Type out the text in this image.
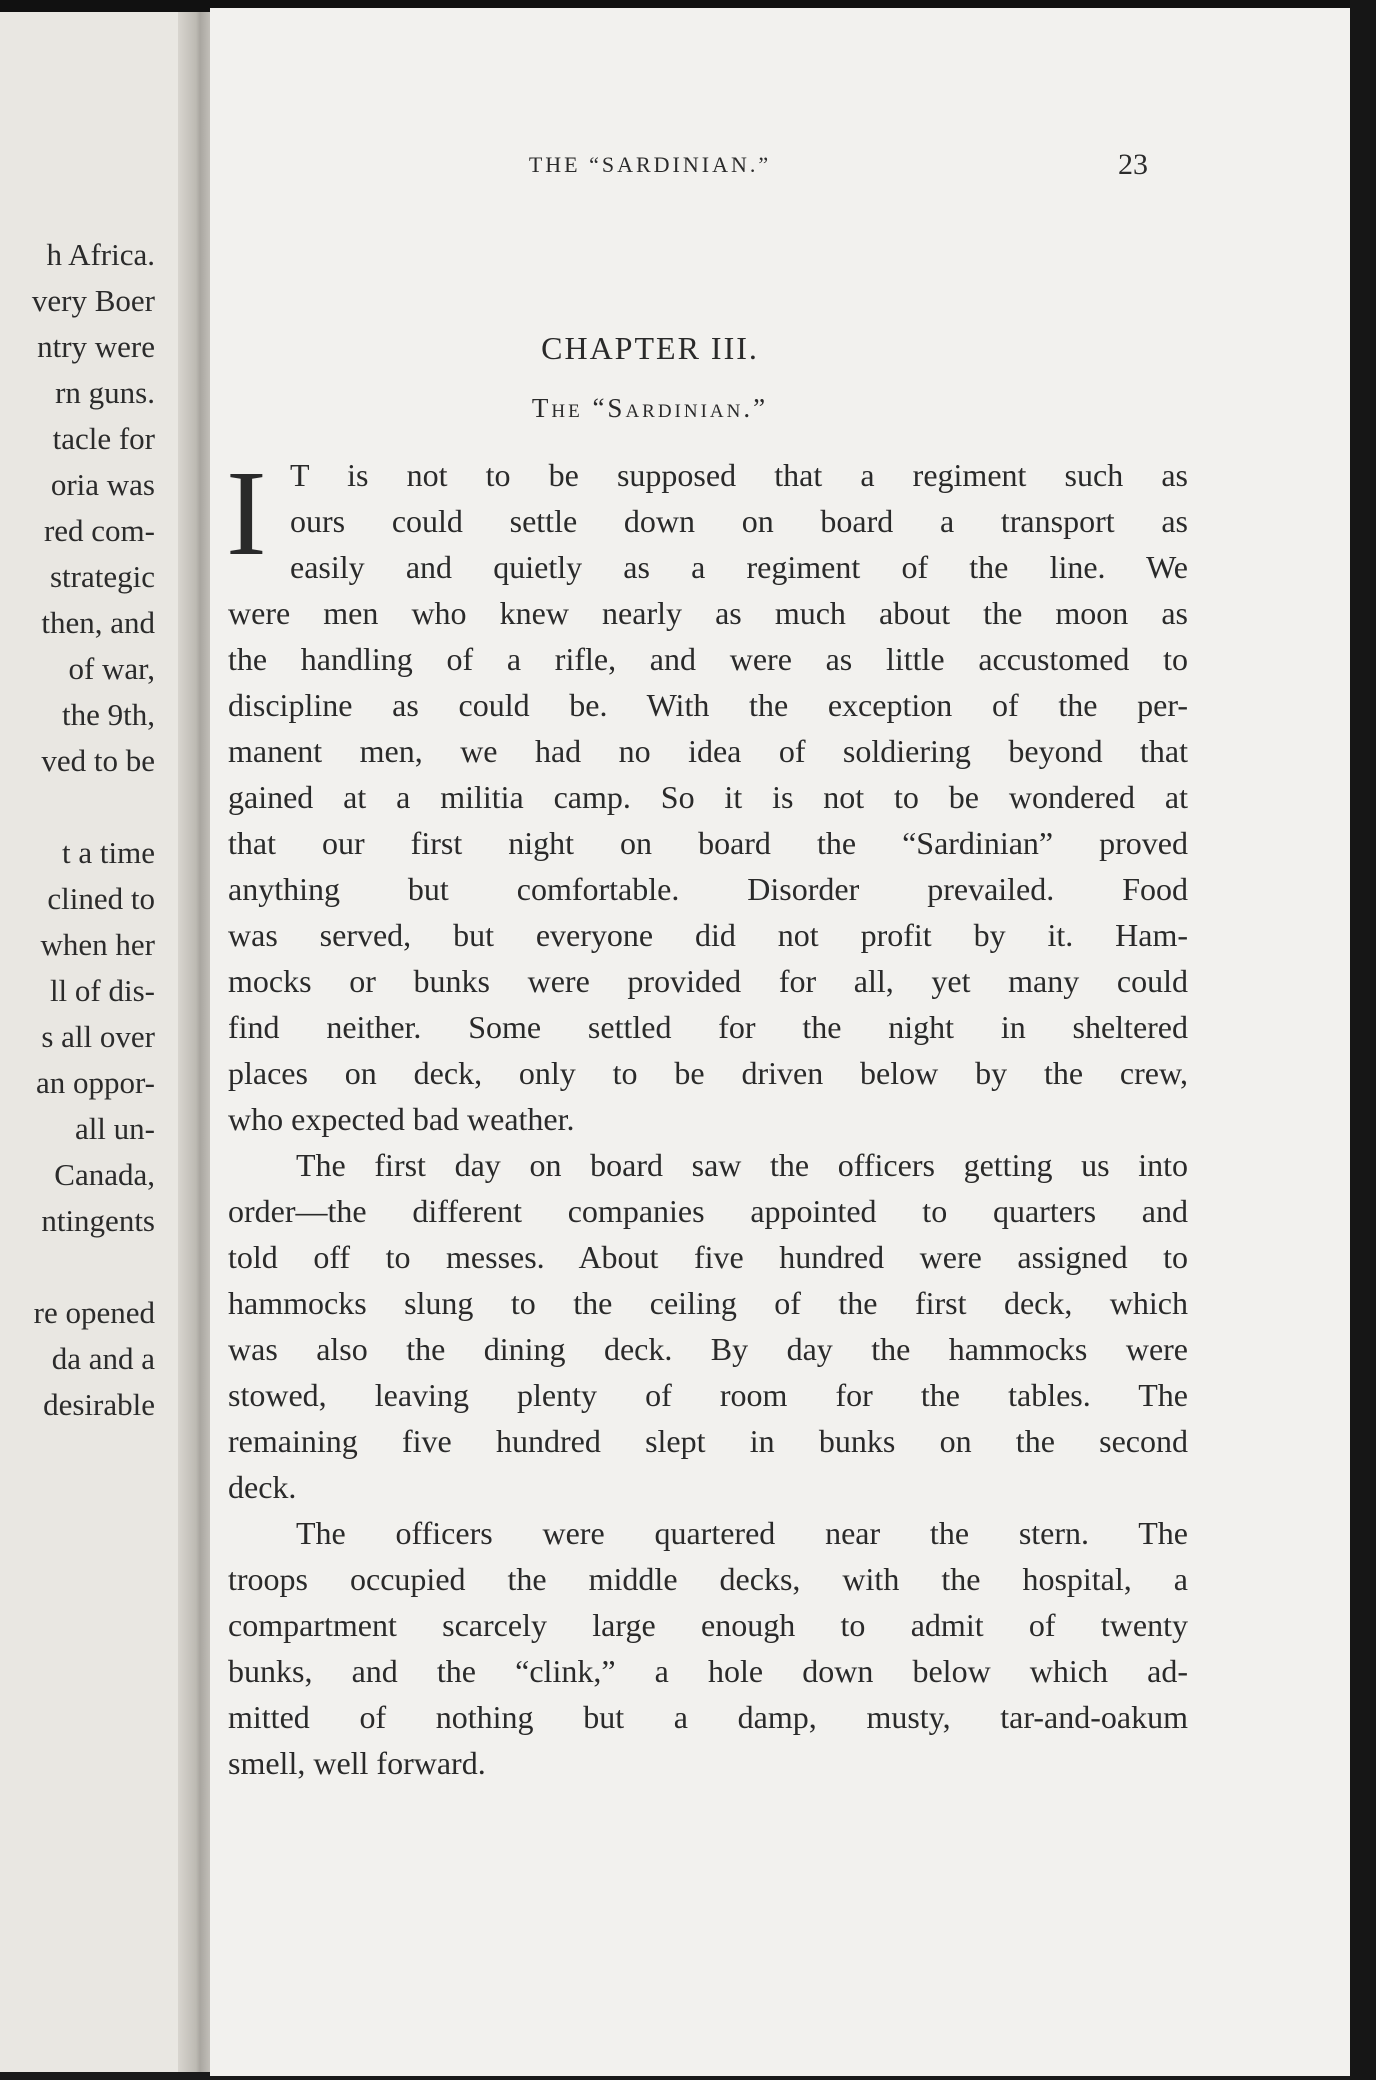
h Africa.
very Boer
ntry were
rn guns.
tacle for
oria was
red com-
strategic
then, and
of war,
the 9th,
ved to be
t a time
clined to
when her
ll of dis-
s all over
an oppor-
all un-
Canada,
ntingents
re opened
da and a
desirable
THE “SARDINIAN.”	23
CHAPTER III.
The “Sardinian.”
I T is not to be supposed that a regiment such as
ours could settle down on board a transport as
easily and quietly as a regiment of the line. We
were men who knew nearly as much about the moon as
the handling of a rifle, and were as little accustomed to
discipline as could be. With the exception of the per-
manent men, we had no idea of soldiering beyond that
gained at a militia camp. So it is not to be wondered at
that our first night on board the “Sardinian” proved
anything but comfortable. Disorder prevailed. Food
was served, but everyone did not profit by it. Ham-
mocks or bunks were provided for all, yet many could
find neither. Some settled for the night in sheltered
places on deck, only to be driven below by the crew,
who expected bad weather.
The first day on board saw the officers getting us into
order—the different companies appointed to quarters and
told off to messes. About five hundred were assigned to
hammocks slung to the ceiling of the first deck, which
was also the dining deck. By day the hammocks were
stowed, leaving plenty of room for the tables. The
remaining five hundred slept in bunks on the second
deck.
The officers were quartered near the stern. The
troops occupied the middle decks, with the hospital, a
compartment scarcely large enough to admit of twenty
bunks, and the “clink,” a hole down below which ad-
mitted of nothing but a damp, musty, tar-and-oakum
smell, well forward.
